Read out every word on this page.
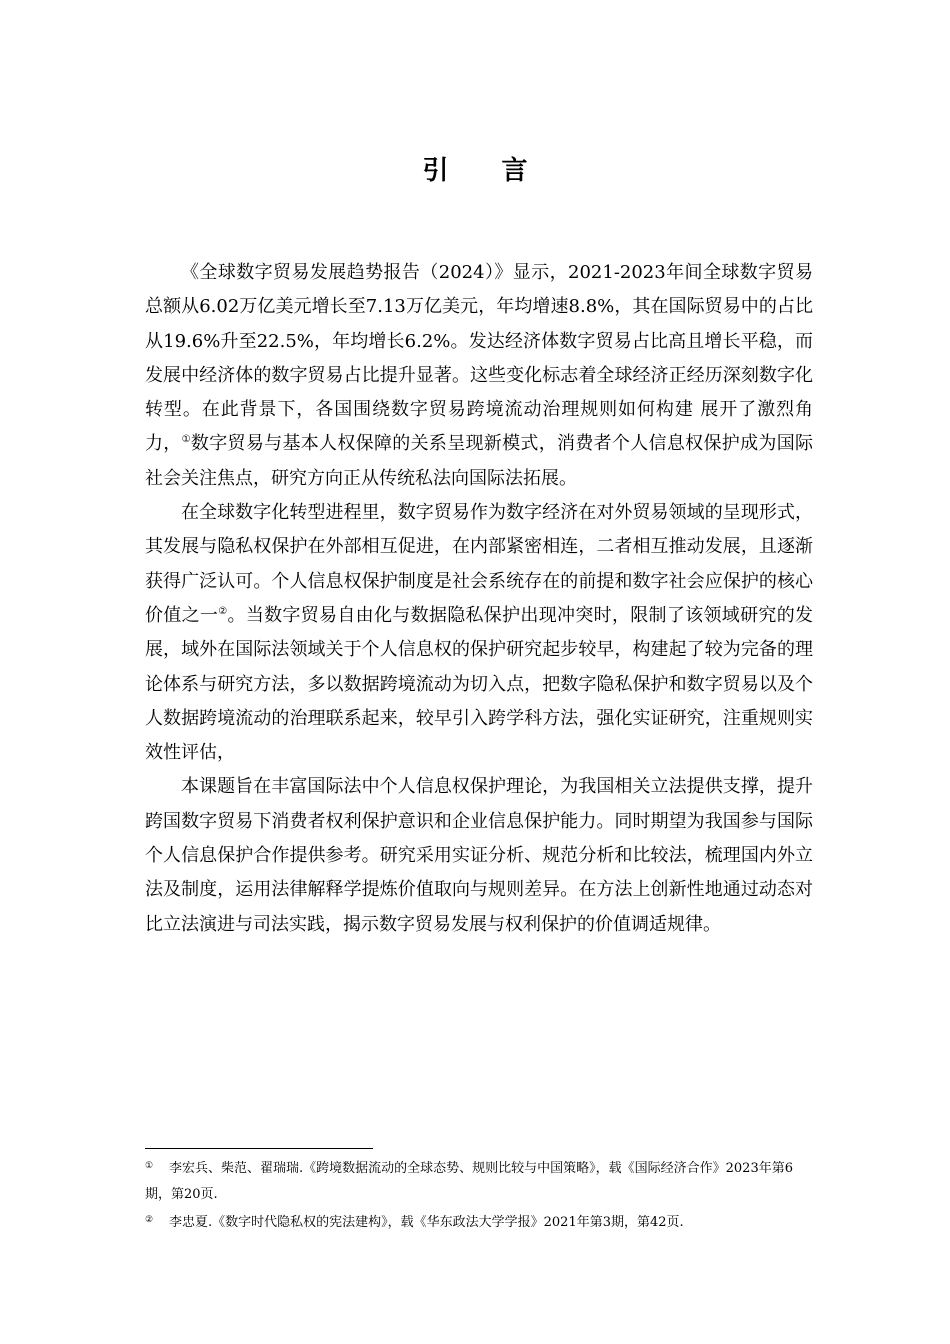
引 言

《全球数字贸易发展趋势报告（2024）》显示，2021-2023年间全球数字贸易总额从6.02万亿美元增长至7.13万亿美元，年均增速8.8%，其在国际贸易中的占比从19.6%升至22.5%，年均增长6.2%。发达经济体数字贸易占比高且增长平稳，而发展中经济体的数字贸易占比提升显著。这些变化标志着全球经济正经历深刻数字化转型。在此背景下，各国围绕数字贸易跨境流动治理规则如何构建 展开了激烈角力，①数字贸易与基本人权保障的关系呈现新模式，消费者个人信息权保护成为国际社会关注焦点，研究方向正从传统私法向国际法拓展。

在全球数字化转型进程里，数字贸易作为数字经济在对外贸易领域的呈现形式，其发展与隐私权保护在外部相互促进，在内部紧密相连，二者相互推动发展，且逐渐获得广泛认可。个人信息权保护制度是社会系统存在的前提和数字社会应保护的核心价值之一②。当数字贸易自由化与数据隐私保护出现冲突时，限制了该领域研究的发展，域外在国际法领域关于个人信息权的保护研究起步较早，构建起了较为完备的理论体系与研究方法，多以数据跨境流动为切入点，把数字隐私保护和数字贸易以及个人数据跨境流动的治理联系起来，较早引入跨学科方法，强化实证研究，注重规则实效性评估，

本课题旨在丰富国际法中个人信息权保护理论，为我国相关立法提供支撑，提升跨国数字贸易下消费者权利保护意识和企业信息保护能力。同时期望为我国参与国际个人信息保护合作提供参考。研究采用实证分析、规范分析和比较法，梳理国内外立法及制度，运用法律解释学提炼价值取向与规则差异。在方法上创新性地通过动态对比立法演进与司法实践，揭示数字贸易发展与权利保护的价值调适规律。

① 李宏兵、柴范、翟瑞瑞.《跨境数据流动的全球态势、规则比较与中国策略》，载《国际经济合作》2023年第6期，第20页.
② 李忠夏.《数字时代隐私权的宪法建构》，载《华东政法大学学报》2021年第3期，第42页.
